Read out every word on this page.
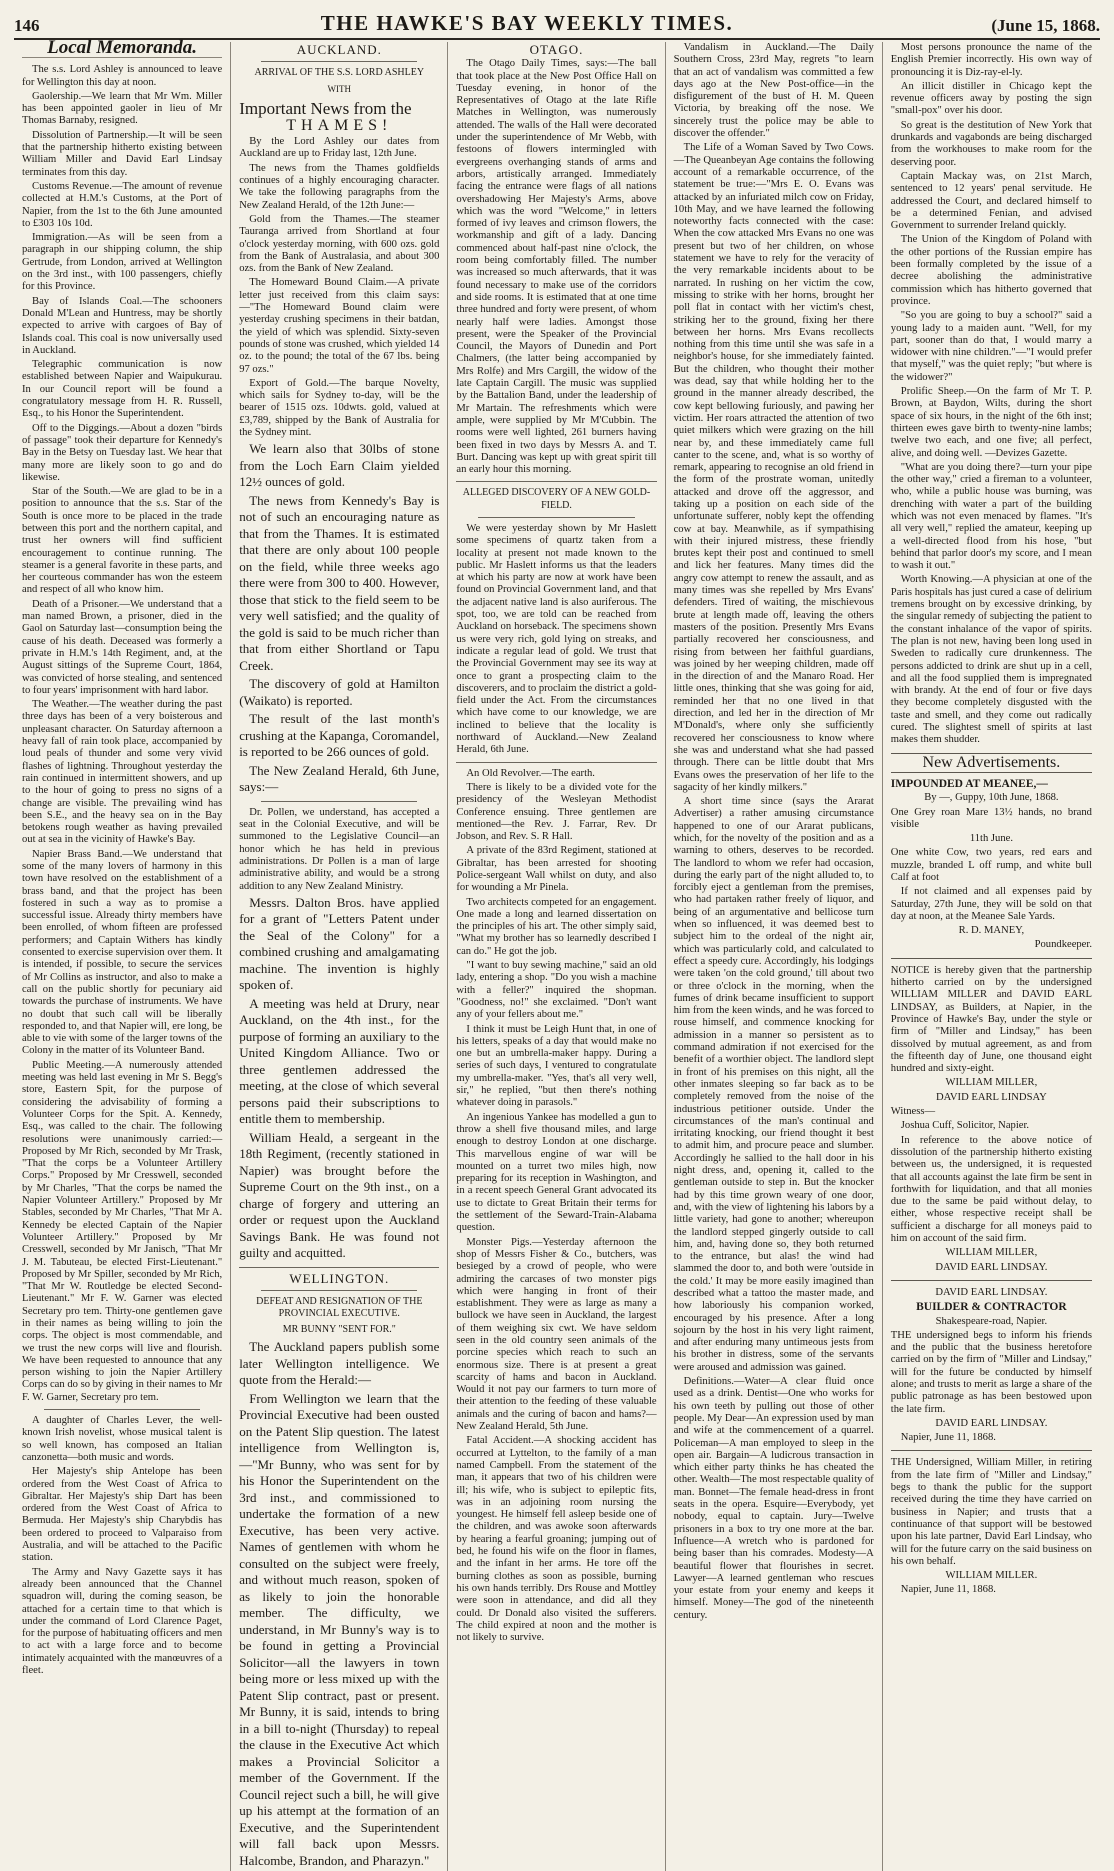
146	THE HAWKE'S BAY WEEKLY TIMES.	(June 15, 1868.
Local Memoranda.

The s.s. Lord Ashley is announced to leave for Wellington this day at noon.

Gaolership.—We learn that Mr Wm. Miller has been appointed gaoler in lieu of Mr Thomas Barnaby, resigned.

Dissolution of Partnership.—It will be seen that the partnership hitherto existing between William Miller and David Earl Lindsay terminates from this day.

Customs Revenue.—The amount of revenue collected at H.M.'s Customs, at the Port of Napier, from the 1st to the 6th June amounted to £303 10s 10d.

Immigration.—As will be seen from a paragraph in our shipping column, the ship Gertrude, from London, arrived at Wellington on the 3rd inst., with 100 passengers, chiefly for this Province.

Bay of Islands Coal.—The schooners Donald M'Lean and Huntress, may be shortly expected to arrive with cargoes of Bay of Islands coal. This coal is now universally used in Auckland.

Telegraphic communication is now established between Napier and Waipukurau. In our Council report will be found a congratulatory message from H. R. Russell, Esq., to his Honor the Superintendent.

Off to the Diggings.—About a dozen "birds of passage" took their departure for Kennedy's Bay in the Betsy on Tuesday last. We hear that many more are likely soon to go and do likewise.

Star of the South.—We are glad to be in a position to announce that the s.s. Star of the South is once more to be placed in the trade between this port and the northern capital, and trust her owners will find sufficient encouragement to continue running. The steamer is a general favorite in these parts, and her courteous commander has won the esteem and respect of all who know him.

Death of a Prisoner.—We understand that a man named Brown, a prisoner, died in the Gaol on Saturday last—consumption being the cause of his death. Deceased was formerly a private in H.M.'s 14th Regiment, and, at the August sittings of the Supreme Court, 1864, was convicted of horse stealing, and sentenced to four years' imprisonment with hard labor.

The Weather.—The weather during the past three days has been of a very boisterous and unpleasant character. On Saturday afternoon a heavy fall of rain took place, accompanied by loud peals of thunder and some very vivid flashes of lightning. Throughout yesterday the rain continued in intermittent showers, and up to the hour of going to press no signs of a change are visible. The prevailing wind has been S.E., and the heavy sea on in the Bay betokens rough weather as having prevailed out at sea in the vicinity of Hawke's Bay.

Napier Brass Band.—We understand that some of the many lovers of harmony in this town have resolved on the establishment of a brass band, and that the project has been fostered in such a way as to promise a successful issue. Already thirty members have been enrolled, of whom fifteen are professed performers; and Captain Withers has kindly consented to exercise supervision over them. It is intended, if possible, to secure the services of Mr Collins as instructor, and also to make a call on the public shortly for pecuniary aid towards the purchase of instruments. We have no doubt that such call will be liberally responded to, and that Napier will, ere long, be able to vie with some of the larger towns of the Colony in the matter of its Volunteer Band.

Public Meeting.—A numerously attended meeting was held last evening in Mr S. Begg's store, Eastern Spit, for the purpose of considering the advisability of forming a Volunteer Corps for the Spit. A. Kennedy, Esq., was called to the chair. The following resolutions were unanimously carried:—Proposed by Mr Rich, seconded by Mr Trask, "That the corps be a Volunteer Artillery Corps." Proposed by Mr Cresswell, seconded by Mr Charles, "That the corps be named the Napier Volunteer Artillery." Proposed by Mr Stables, seconded by Mr Charles, "That Mr A. Kennedy be elected Captain of the Napier Volunteer Artillery." Proposed by Mr Cresswell, seconded by Mr Janisch, "That Mr J. M. Tabuteau, be elected First-Lieutenant." Proposed by Mr Spiller, seconded by Mr Rich, "That Mr W. Routledge be elected Second-Lieutenant." Mr F. W. Garner was elected Secretary pro tem. Thirty-one gentlemen gave in their names as being willing to join the corps. The object is most commendable, and we trust the new corps will live and flourish. We have been requested to announce that any person wishing to join the Napier Artillery Corps can do so by giving in their names to Mr F. W. Garner, Secretary pro tem.

A daughter of Charles Lever, the well-known Irish novelist, whose musical talent is so well known, has composed an Italian canzonetta—both music and words.

Her Majesty's ship Antelope has been ordered from the West Coast of Africa to Gibraltar. Her Majesty's ship Dart has been ordered from the West Coast of Africa to Bermuda. Her Majesty's ship Charybdis has been ordered to proceed to Valparaiso from Australia, and will be attached to the Pacific station.

The Army and Navy Gazette says it has already been announced that the Channel squadron will, during the coming season, be attached for a certain time to that which is under the command of Lord Clarence Paget, for the purpose of habituating officers and men to act with a large force and to become intimately acquainted with the manœuvres of a fleet.

AUCKLAND.
ARRIVAL OF THE S.S. LORD ASHLEY
WITH
Important News from the
THAMES!

By the Lord Ashley our dates from Auckland are up to Friday last, 12th June.

The news from the Thames goldfields continues of a highly encouraging character. We take the following paragraphs from the New Zealand Herald, of the 12th June:—

Gold from the Thames.—The steamer Tauranga arrived from Shortland at four o'clock yesterday morning, with 600 ozs. gold from the Bank of Australasia, and about 300 ozs. from the Bank of New Zealand.

The Homeward Bound Claim.—A private letter just received from this claim says:—"The Homeward Bound claim were yesterday crushing specimens in their batdan, the yield of which was splendid. Sixty-seven pounds of stone was crushed, which yielded 14 oz. to the pound; the total of the 67 lbs. being 97 ozs."

Export of Gold.—The barque Novelty, which sails for Sydney to-day, will be the bearer of 1515 ozs. 10dwts. gold, valued at £3,789, shipped by the Bank of Australia for the Sydney mint.

We learn also that 30lbs of stone from the Loch Earn Claim yielded 12½ ounces of gold.

The news from Kennedy's Bay is not of such an encouraging nature as that from the Thames. It is estimated that there are only about 100 people on the field, while three weeks ago there were from 300 to 400. However, those that stick to the field seem to be very well satisfied; and the quality of the gold is said to be much richer than that from either Shortland or Tapu Creek.

The discovery of gold at Hamilton (Waikato) is reported.

The result of the last month's crushing at the Kapanga, Coromandel, is reported to be 266 ounces of gold.

The New Zealand Herald, 6th June, says:—

Dr. Pollen, we understand, has accepted a seat in the Colonial Executive, and will be summoned to the Legislative Council—an honor which he has held in previous administrations. Dr Pollen is a man of large administrative ability, and would be a strong addition to any New Zealand Ministry.

Messrs. Dalton Bros. have applied for a grant of "Letters Patent under the Seal of the Colony" for a combined crushing and amalgamating machine. The invention is highly spoken of.

A meeting was held at Drury, near Auckland, on the 4th inst., for the purpose of forming an auxiliary to the United Kingdom Alliance. Two or three gentlemen addressed the meeting, at the close of which several persons paid their subscriptions to entitle them to membership.

William Heald, a sergeant in the 18th Regiment, (recently stationed in Napier) was brought before the Supreme Court on the 9th inst., on a charge of forgery and uttering an order or request upon the Auckland Savings Bank. He was found not guilty and acquitted.

WELLINGTON.
DEFEAT AND RESIGNATION OF THE PROVINCIAL EXECUTIVE.
MR BUNNY "SENT FOR."

The Auckland papers publish some later Wellington intelligence. We quote from the Herald:—

From Wellington we learn that the Provincial Executive had been ousted on the Patent Slip question. The latest intelligence from Wellington is, —"Mr Bunny, who was sent for by his Honor the Superintendent on the 3rd inst., and commissioned to undertake the formation of a new Executive, has been very active. Names of gentlemen with whom he consulted on the subject were freely, and without much reason, spoken of as likely to join the honorable member. The difficulty, we understand, in Mr Bunny's way is to be found in getting a Provincial Solicitor—all the lawyers in town being more or less mixed up with the Patent Slip contract, past or present. Mr Bunny, it is said, intends to bring in a bill to-night (Thursday) to repeal the clause in the Executive Act which makes a Provincial Solicitor a member of the Government. If the Council reject such a bill, he will give up his attempt at the formation of an Executive, and the Superintendent will fall back upon Messrs. Halcombe, Brandon, and Pharazyn."

OTAGO.

The Otago Daily Times, says:—The ball that took place at the New Post Office Hall on Tuesday evening, in honor of the Representatives of Otago at the late Rifle Matches in Wellington, was numerously attended. The walls of the Hall were decorated under the superintendence of Mr Webb, with festoons of flowers intermingled with evergreens overhanging stands of arms and arbors, artistically arranged. Immediately facing the entrance were flags of all nations overshadowing Her Majesty's Arms, above which was the word "Welcome," in letters formed of ivy leaves and crimson flowers, the workmanship and gift of a lady. Dancing commenced about half-past nine o'clock, the room being comfortably filled. The number was increased so much afterwards, that it was found necessary to make use of the corridors and side rooms. It is estimated that at one time three hundred and forty were present, of whom nearly half were ladies. Amongst those present, were the Speaker of the Provincial Council, the Mayors of Dunedin and Port Chalmers, (the latter being accompanied by Mrs Rolfe) and Mrs Cargill, the widow of the late Captain Cargill. The music was supplied by the Battalion Band, under the leadership of Mr Martain. The refreshments which were ample, were supplied by Mr M'Cubbin. The rooms were well lighted, 261 burners having been fixed in two days by Messrs A. and T. Burt. Dancing was kept up with great spirit till an early hour this morning.

ALLEGED DISCOVERY OF A NEW GOLD-FIELD.

We were yesterday shown by Mr Haslett some specimens of quartz taken from a locality at present not made known to the public. Mr Haslett informs us that the leaders at which his party are now at work have been found on Provincial Government land, and that the adjacent native land is also auriferous. The spot, too, we are told can be reached from Auckland on horseback. The specimens shown us were very rich, gold lying on streaks, and indicate a regular lead of gold. We trust that the Provincial Government may see its way at once to grant a prospecting claim to the discoverers, and to proclaim the district a gold-field under the Act. From the circumstances which have come to our knowledge, we are inclined to believe that the locality is northward of Auckland.—New Zealand Herald, 6th June.

An Old Revolver.—The earth.

There is likely to be a divided vote for the presidency of the Wesleyan Methodist Conference ensuing. Three gentlemen are mentioned—the Rev. J. Farrar, Rev. Dr Jobson, and Rev. S. R Hall.

A private of the 83rd Regiment, stationed at Gibraltar, has been arrested for shooting Police-sergeant Wall whilst on duty, and also for wounding a Mr Pinela.

Two architects competed for an engagement. One made a long and learned dissertation on the principles of his art. The other simply said, "What my brother has so learnedly described I can do." He got the job.

"I want to buy sewing machine," said an old lady, entering a shop. "Do you wish a machine with a feller?" inquired the shopman. "Goodness, no!" she exclaimed. "Don't want any of your fellers about me."

I think it must be Leigh Hunt that, in one of his letters, speaks of a day that would make no one but an umbrella-maker happy. During a series of such days, I ventured to congratulate my umbrella-maker. "Yes, that's all very well, sir," he replied, "but then there's nothing whatever doing in parasols."

An ingenious Yankee has modelled a gun to throw a shell five thousand miles, and large enough to destroy London at one discharge. This marvellous engine of war will be mounted on a turret two miles high, now preparing for its reception in Washington, and in a recent speech General Grant advocated its use to dictate to Great Britain their terms for the settlement of the Seward-Train-Alabama question.

Monster Pigs.—Yesterday afternoon the shop of Messrs Fisher & Co., butchers, was besieged by a crowd of people, who were admiring the carcases of two monster pigs which were hanging in front of their establishment. They were as large as many a bullock we have seen in Auckland, the largest of them weighing six cwt. We have seldom seen in the old country seen animals of the porcine species which reach to such an enormous size. There is at present a great scarcity of hams and bacon in Auckland. Would it not pay our farmers to turn more of their attention to the feeding of these valuable animals and the curing of bacon and hams?—New Zealand Herald, 5th June.

Fatal Accident.—A shocking accident has occurred at Lyttelton, to the family of a man named Campbell. From the statement of the man, it appears that two of his children were ill; his wife, who is subject to epileptic fits, was in an adjoining room nursing the youngest. He himself fell asleep beside one of the children, and was awoke soon afterwards by hearing a fearful groaning; jumping out of bed, he found his wife on the floor in flames, and the infant in her arms. He tore off the burning clothes as soon as possible, burning his own hands terribly. Drs Rouse and Mottley were soon in attendance, and did all they could. Dr Donald also visited the sufferers. The child expired at noon and the mother is not likely to survive.

Vandalism in Auckland.—The Daily Southern Cross, 23rd May, regrets "to learn that an act of vandalism was committed a few days ago at the New Post-office—in the disfigurement of the bust of H. M. Queen Victoria, by breaking off the nose. We sincerely trust the police may be able to discover the offender."

The Life of a Woman Saved by Two Cows.—The Queanbeyan Age contains the following account of a remarkable occurrence, of the statement be true:—"Mrs E. O. Evans was attacked by an infuriated milch cow on Friday, 10th May, and we have learned the following noteworthy facts connected with the case: When the cow attacked Mrs Evans no one was present but two of her children, on whose statement we have to rely for the veracity of the very remarkable incidents about to be narrated. In rushing on her victim the cow, missing to strike with her horns, brought her poll flat in contact with her victim's chest, striking her to the ground, fixing her there between her horns. Mrs Evans recollects nothing from this time until she was safe in a neighbor's house, for she immediately fainted. But the children, who thought their mother was dead, say that while holding her to the ground in the manner already described, the cow kept bellowing furiously, and pawing her victim. Her roars attracted the attention of two quiet milkers which were grazing on the hill near by, and these immediately came full canter to the scene, and, what is so worthy of remark, appearing to recognise an old friend in the form of the prostrate woman, unitedly attacked and drove off the aggressor, and taking up a position on each side of the unfortunate sufferer, nobly kept the offending cow at bay. Meanwhile, as if sympathising with their injured mistress, these friendly brutes kept their post and continued to smell and lick her features. Many times did the angry cow attempt to renew the assault, and as many times was she repelled by Mrs Evans' defenders. Tired of waiting, the mischievous brute at length made off, leaving the others masters of the position. Presently Mrs Evans partially recovered her consciousness, and rising from between her faithful guardians, was joined by her weeping children, made off in the direction of and the Manaro Road. Her little ones, thinking that she was going for aid, reminded her that no one lived in that direction, and led her in the direction of Mr M'Donald's, where only she sufficiently recovered her consciousness to know where she was and understand what she had passed through. There can be little doubt that Mrs Evans owes the preservation of her life to the sagacity of her kindly milkers."

A short time since (says the Ararat Advertiser) a rather amusing circumstance happened to one of our Ararat publicans, which, for the novelty of the position and as a warning to others, deserves to be recorded. The landlord to whom we refer had occasion, during the early part of the night alluded to, to forcibly eject a gentleman from the premises, who had partaken rather freely of liquor, and being of an argumentative and bellicose turn when so influenced, it was deemed best to subject him to the ordeal of the night air, which was particularly cold, and calculated to effect a speedy cure. Accordingly, his lodgings were taken 'on the cold ground,' till about two or three o'clock in the morning, when the fumes of drink became insufficient to support him from the keen winds, and he was forced to rouse himself, and commence knocking for admission in a manner so persistent as to command admiration if not exercised for the benefit of a worthier object. The landlord slept in front of his premises on this night, all the other inmates sleeping so far back as to be completely removed from the noise of the industrious petitioner outside. Under the circumstances of the man's continual and irritating knocking, our friend thought it best to admit him, and procure peace and slumber. Accordingly he sallied to the hall door in his night dress, and, opening it, called to the gentleman outside to step in. But the knocker had by this time grown weary of one door, and, with the view of lightening his labors by a little variety, had gone to another; whereupon the landlord stepped gingerly outside to call him, and, having done so, they both returned to the entrance, but alas! the wind had slammed the door to, and both were 'outside in the cold.' It may be more easily imagined than described what a tattoo the master made, and how laboriously his companion worked, encouraged by his presence. After a long sojourn by the host in his very light raiment, and after enduring many untimeous jests from his brother in distress, some of the servants were aroused and admission was gained.

Definitions.—Water—A clear fluid once used as a drink. Dentist—One who works for his own teeth by pulling out those of other people. My Dear—An expression used by man and wife at the commencement of a quarrel. Policeman—A man employed to sleep in the open air. Bargain—A ludicrous transaction in which either party thinks he has cheated the other. Wealth—The most respectable quality of man. Bonnet—The female head-dress in front seats in the opera. Esquire—Everybody, yet nobody, equal to captain. Jury—Twelve prisoners in a box to try one more at the bar. Influence—A wretch who is pardoned for being baser than his comrades. Modesty—A beautiful flower that flourishes in secret. Lawyer—A learned gentleman who rescues your estate from your enemy and keeps it himself. Money—The god of the nineteenth century.

Most persons pronounce the name of the English Premier incorrectly. His own way of pronouncing it is Diz-ray-el-ly.

An illicit distiller in Chicago kept the revenue officers away by posting the sign "small-pox" over his door.

So great is the destitution of New York that drunkards and vagabonds are being discharged from the workhouses to make room for the deserving poor.

Captain Mackay was, on 21st March, sentenced to 12 years' penal servitude. He addressed the Court, and declared himself to be a determined Fenian, and advised Government to surrender Ireland quickly.

The Union of the Kingdom of Poland with the other portions of the Russian empire has been formally completed by the issue of a decree abolishing the administrative commission which has hitherto governed that province.

"So you are going to buy a school?" said a young lady to a maiden aunt. "Well, for my part, sooner than do that, I would marry a widower with nine children."—"I would prefer that myself," was the quiet reply; "but where is the widower?"

Prolific Sheep.—On the farm of Mr T. P. Brown, at Baydon, Wilts, during the short space of six hours, in the night of the 6th inst; thirteen ewes gave birth to twenty-nine lambs; twelve two each, and one five; all perfect, alive, and doing well. —Devizes Gazette.

"What are you doing there?—turn your pipe the other way," cried a fireman to a volunteer, who, while a public house was burning, was drenching with water a part of the building which was not even menaced by flames. "It's all very well," replied the amateur, keeping up a well-directed flood from his hose, "but behind that parlor door's my score, and I mean to wash it out."

Worth Knowing.—A physician at one of the Paris hospitals has just cured a case of delirium tremens brought on by excessive drinking, by the singular remedy of subjecting the patient to the constant inhalance of the vapor of spirits. The plan is not new, having been long used in Sweden to radically cure drunkenness. The persons addicted to drink are shut up in a cell, and all the food supplied them is impregnated with brandy. At the end of four or five days they become completely disgusted with the taste and smell, and they come out radically cured. The slightest smell of spirits at last makes them shudder.

New Advertisements.

IMPOUNDED AT MEANEE,—

By —, Guppy, 10th June, 1868.

One Grey roan Mare 13½ hands, no brand visible

11th June.

One white Cow, two years, red ears and muzzle, branded L off rump, and white bull Calf at foot

If not claimed and all expenses paid by Saturday, 27th June, they will be sold on that day at noon, at the Meanee Sale Yards.

R. D. MANEY,

Poundkeeper.

NOTICE is hereby given that the partnership hitherto carried on by the undersigned WILLIAM MILLER and DAVID EARL LINDSAY, as Builders, at Napier, in the Province of Hawke's Bay, under the style or firm of "Miller and Lindsay," has been dissolved by mutual agreement, as and from the fifteenth day of June, one thousand eight hundred and sixty-eight.

WILLIAM MILLER,

DAVID EARL LINDSAY

Witness—

Joshua Cuff, Solicitor, Napier.

In reference to the above notice of dissolution of the partnership hitherto existing between us, the undersigned, it is requested that all accounts against the late firm be sent in forthwith for liquidation, and that all monies due to the same be paid without delay, to either, whose respective receipt shall be sufficient a discharge for all moneys paid to him on account of the said firm.

WILLIAM MILLER,

DAVID EARL LINDSAY.

DAVID EARL LINDSAY.

BUILDER & CONTRACTOR

Shakespeare-road, Napier.

THE undersigned begs to inform his friends and the public that the business heretofore carried on by the firm of "Miller and Lindsay," will for the future be conducted by himself alone; and trusts to merit as large a share of the public patronage as has been bestowed upon the late firm.

DAVID EARL LINDSAY.

Napier, June 11, 1868.

THE Undersigned, William Miller, in retiring from the late firm of "Miller and Lindsay," begs to thank the public for the support received during the time they have carried on business in Napier; and trusts that a continuance of that support will be bestowed upon his late partner, David Earl Lindsay, who will for the future carry on the said business on his own behalf.

WILLIAM MILLER.

Napier, June 11, 1868.
